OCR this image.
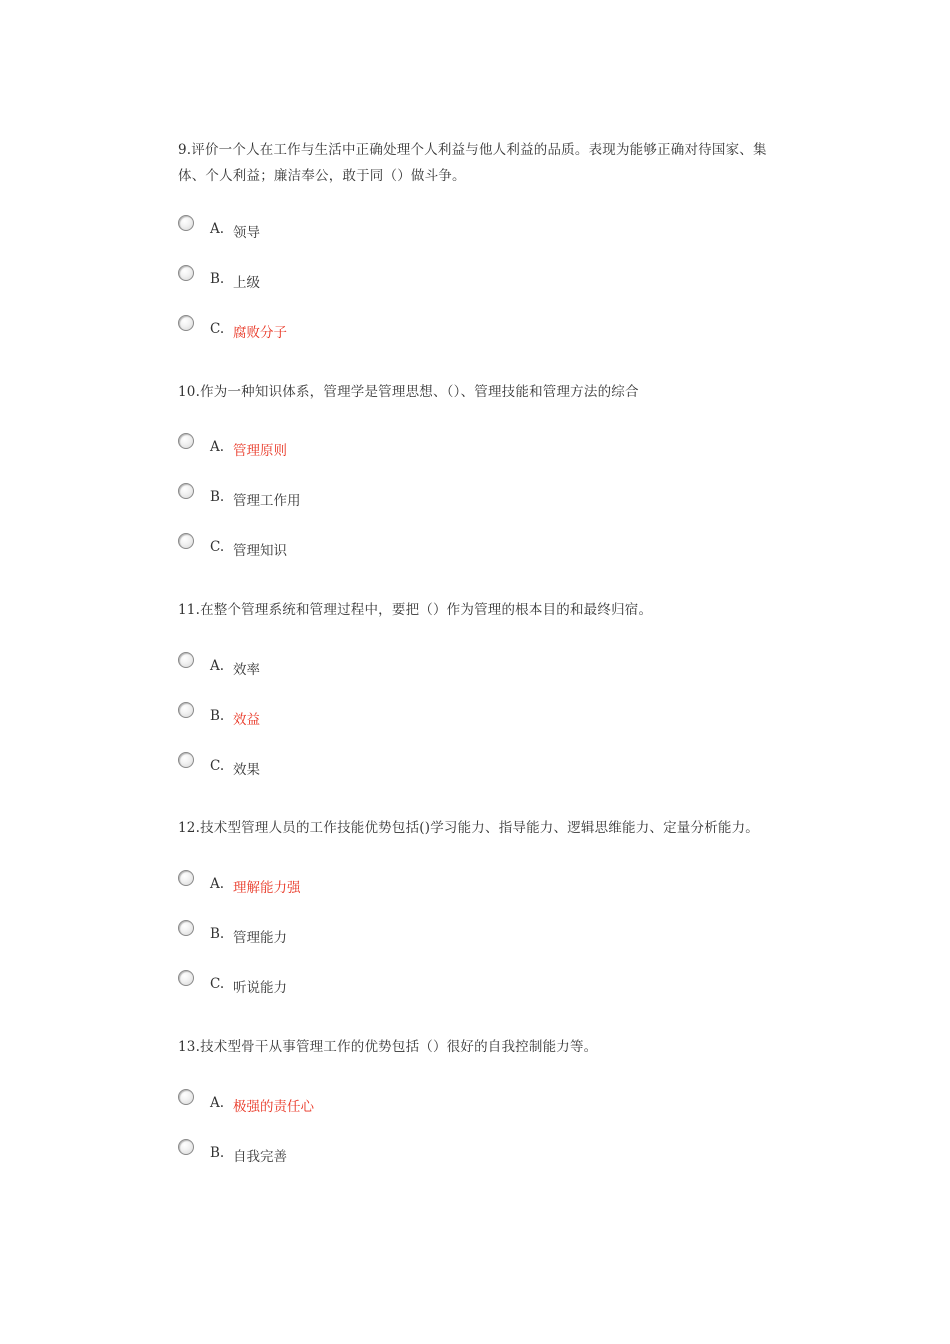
9.评价一个人在工作与生活中正确处理个人利益与他人利益的品质。表现为能够正确对待国家、集体、个人利益；廉洁奉公，敢于同（）做斗争。

A. 领导
B. 上级
C. 腐败分子

10.作为一种知识体系，管理学是管理思想、（）、管理技能和管理方法的综合

A. 管理原则
B. 管理工作用
C. 管理知识

11.在整个管理系统和管理过程中，要把（）作为管理的根本目的和最终归宿。

A. 效率
B. 效益
C. 效果

12.技术型管理人员的工作技能优势包括()学习能力、指导能力、逻辑思维能力、定量分析能力。

A. 理解能力强
B. 管理能力
C. 听说能力

13.技术型骨干从事管理工作的优势包括（）很好的自我控制能力等。

A. 极强的责任心
B. 自我完善
